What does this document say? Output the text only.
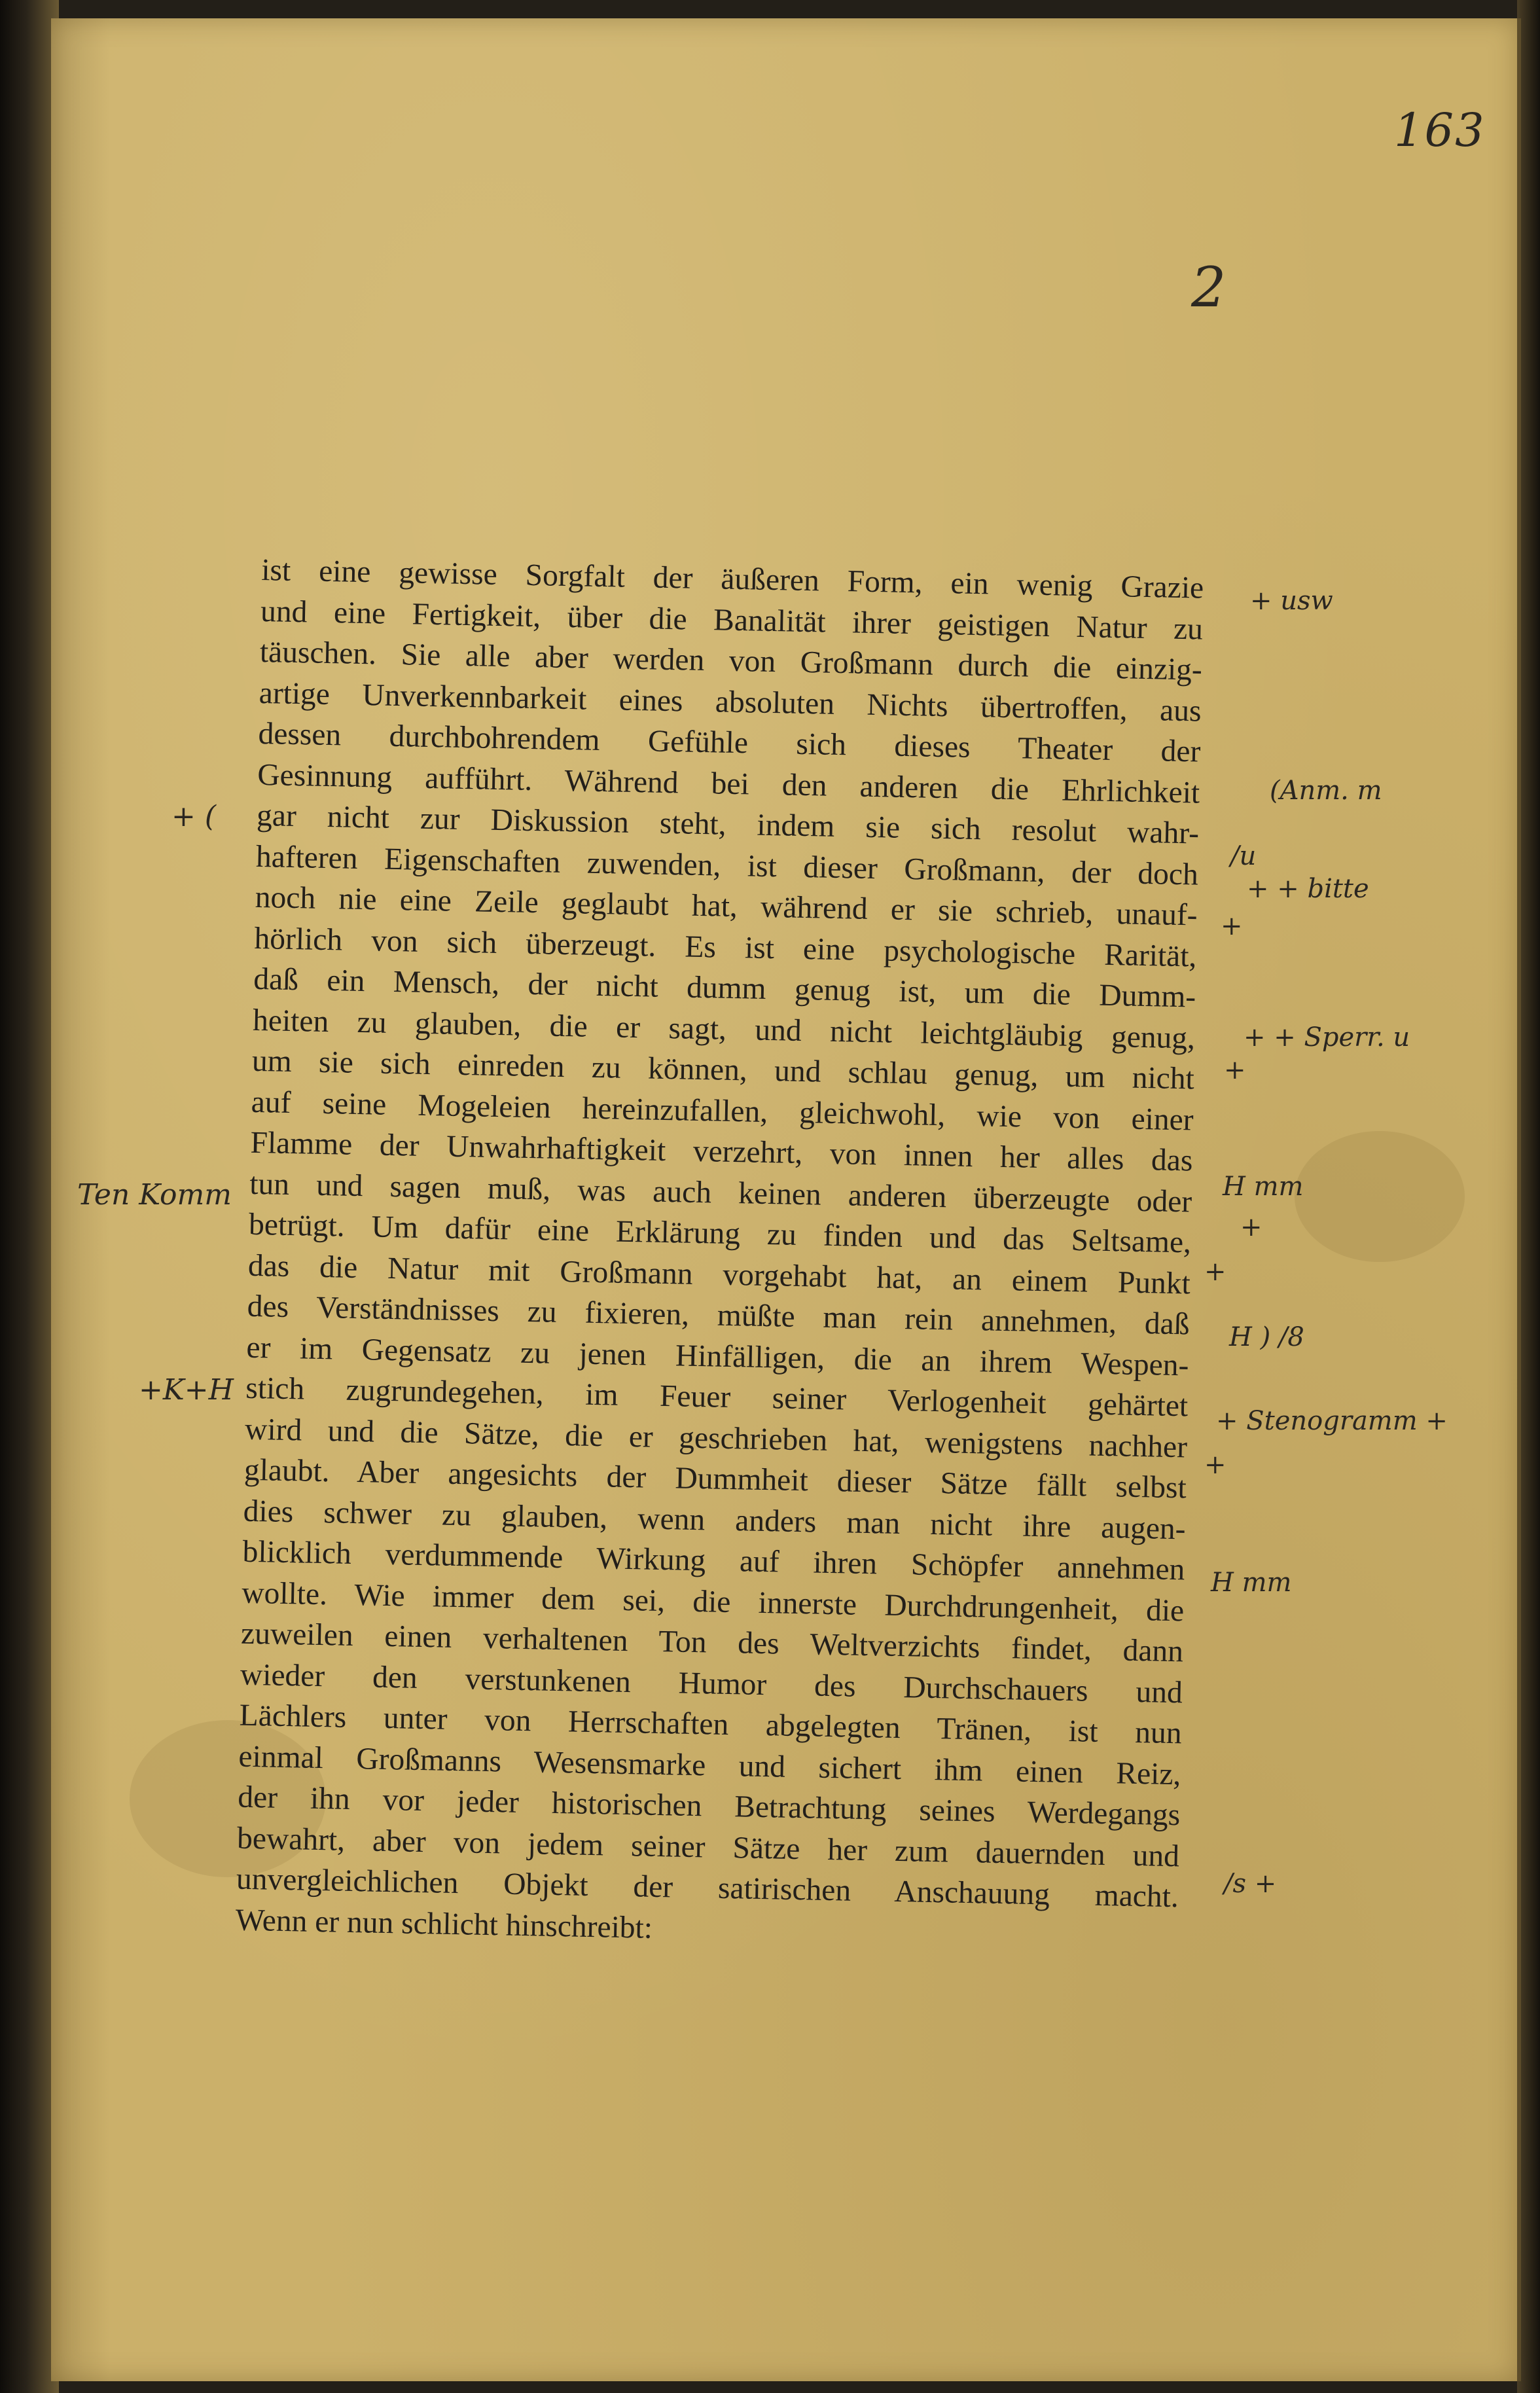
163
2
ist eine gewisse Sorgfalt der äußeren Form, ein wenig Grazie
und eine Fertigkeit, über die Banalität ihrer geistigen Natur zu
täuschen. Sie alle aber werden von Großmann durch die einzig-
artige Unverkennbarkeit eines absoluten Nichts übertroffen, aus
dessen durchbohrendem Gefühle sich dieses Theater der
Gesinnung aufführt. Während bei den anderen die Ehrlichkeit
gar nicht zur Diskussion steht, indem sie sich resolut wahr-
hafteren Eigenschaften zuwenden, ist dieser Großmann, der doch
noch nie eine Zeile geglaubt hat, während er sie schrieb, unauf-
hörlich von sich überzeugt. Es ist eine psychologische Rarität,
daß ein Mensch, der nicht dumm genug ist, um die Dumm-
heiten zu glauben, die er sagt, und nicht leichtgläubig genug,
um sie sich einreden zu können, und schlau genug, um nicht
auf seine Mogeleien hereinzufallen, gleichwohl, wie von einer
Flamme der Unwahrhaftigkeit verzehrt, von innen her alles das
tun und sagen muß, was auch keinen anderen überzeugte oder
betrügt. Um dafür eine Erklärung zu finden und das Seltsame,
das die Natur mit Großmann vorgehabt hat, an einem Punkt
des Verständnisses zu fixieren, müßte man rein annehmen, daß
er im Gegensatz zu jenen Hinfälligen, die an ihrem Wespen-
stich zugrundegehen, im Feuer seiner Verlogenheit gehärtet
wird und die Sätze, die er geschrieben hat, wenigstens nachher
glaubt. Aber angesichts der Dummheit dieser Sätze fällt selbst
dies schwer zu glauben, wenn anders man nicht ihre augen-
blicklich verdummende Wirkung auf ihren Schöpfer annehmen
wollte. Wie immer dem sei, die innerste Durchdrungenheit, die
zuweilen einen verhaltenen Ton des Weltverzichts findet, dann
wieder den verstunkenen Humor des Durchschauers und
Lächlers unter von Herrschaften abgelegten Tränen, ist nun
einmal Großmanns Wesensmarke und sichert ihm einen Reiz,
der ihn vor jeder historischen Betrachtung seines Werdegangs
bewahrt, aber von jedem seiner Sätze her zum dauernden und
unvergleichlichen Objekt der satirischen Anschauung macht.
Wenn er nun schlicht hinschreibt:
+ (
Ten Komm
+K+H
+ usw
(Anm. m
/u
+ + bitte
+
+ + Sperr. u
+
H mm
+
+
H ) /8
+ Stenogramm +
+
H mm
/s +
